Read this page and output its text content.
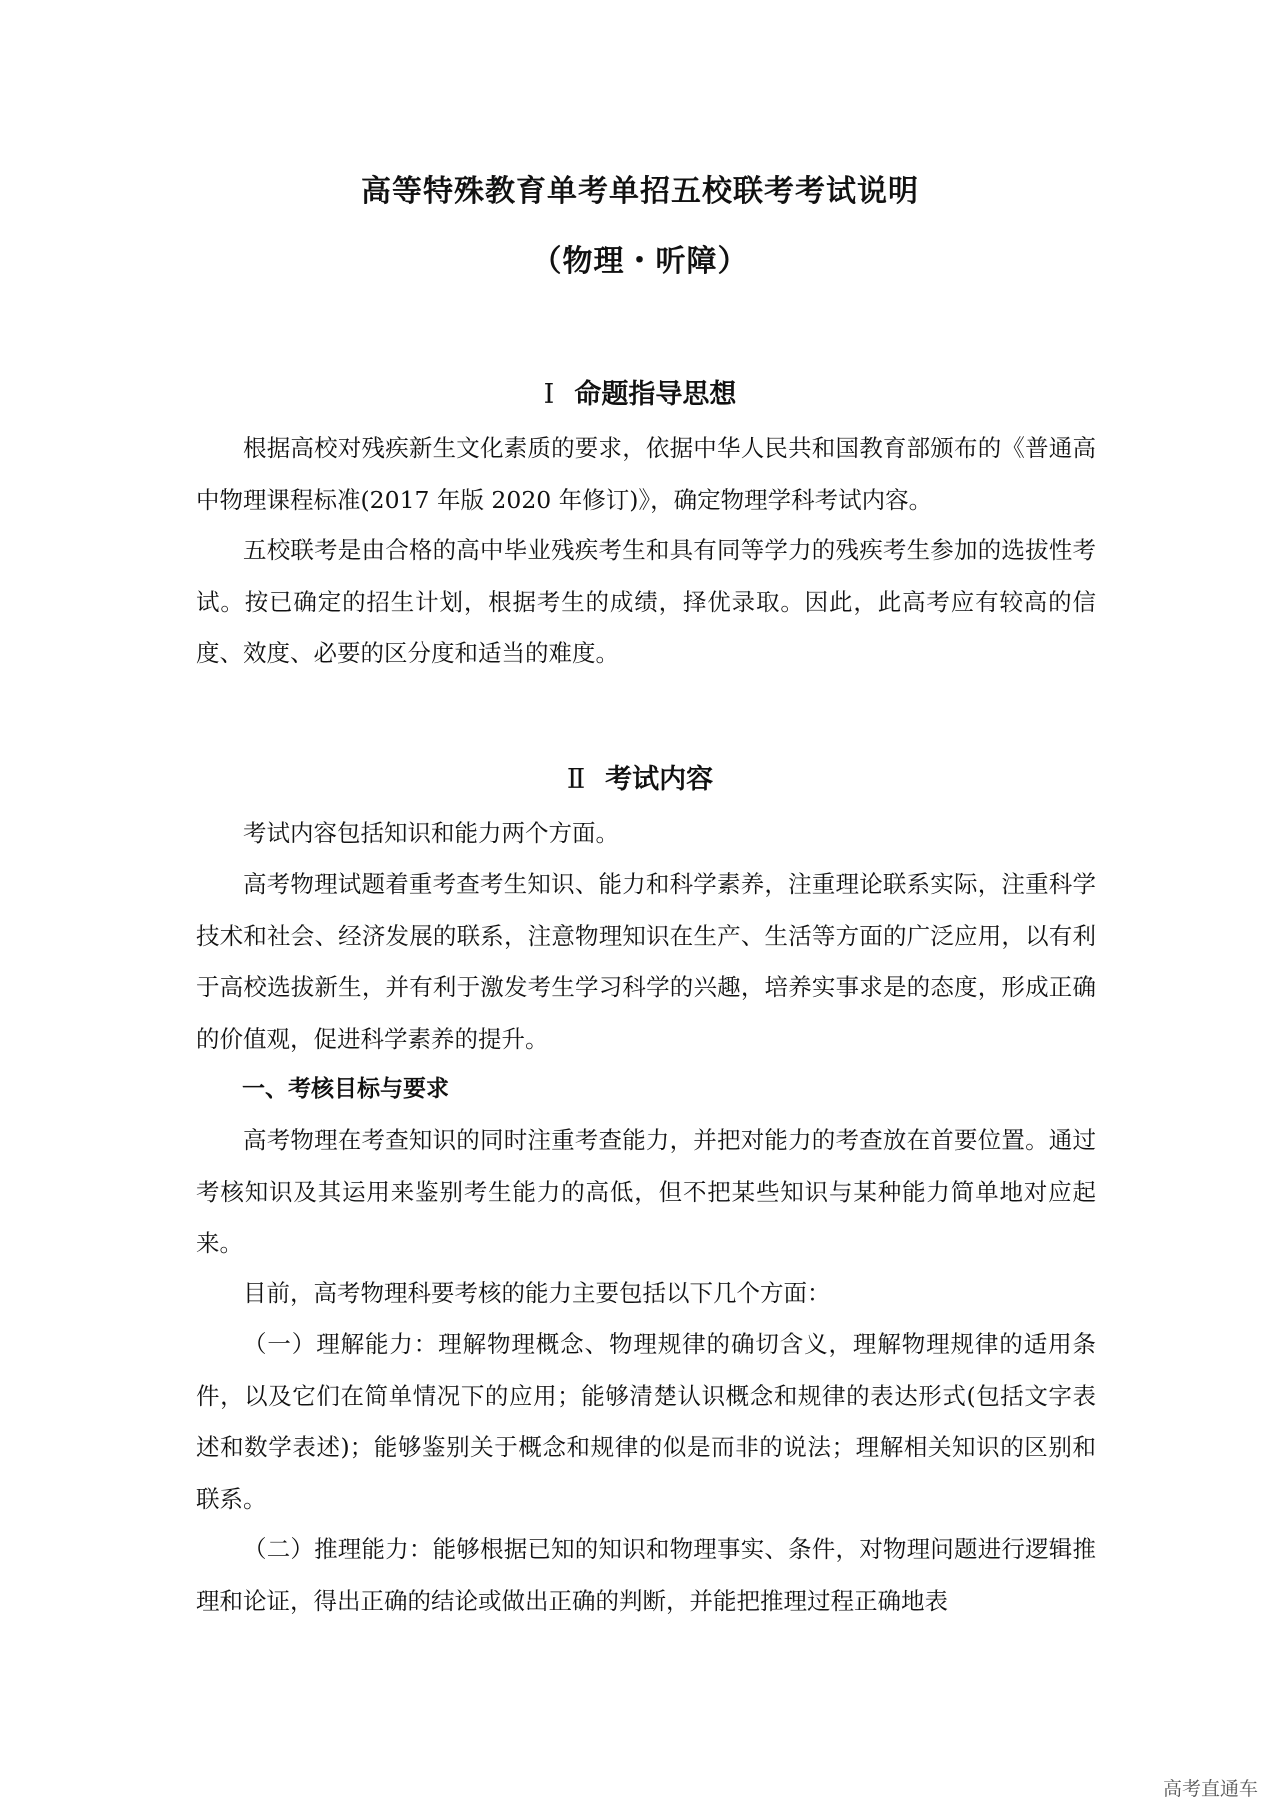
高等特殊教育单考单招五校联考考试说明
（物理・听障）
Ⅰ 命题指导思想

根据高校对残疾新生文化素质的要求，依据中华人民共和国教育部颁布的《普通高中物理课程标准(2017 年版 2020 年修订)》，确定物理学科考试内容。

五校联考是由合格的高中毕业残疾考生和具有同等学力的残疾考生参加的选拔性考试。按已确定的招生计划，根据考生的成绩，择优录取。因此，此高考应有较高的信度、效度、必要的区分度和适当的难度。

Ⅱ 考试内容

考试内容包括知识和能力两个方面。

高考物理试题着重考查考生知识、能力和科学素养，注重理论联系实际，注重科学技术和社会、经济发展的联系，注意物理知识在生产、生活等方面的广泛应用，以有利于高校选拔新生，并有利于激发考生学习科学的兴趣，培养实事求是的态度，形成正确的价值观，促进科学素养的提升。

一、考核目标与要求

高考物理在考查知识的同时注重考查能力，并把对能力的考查放在首要位置。通过考核知识及其运用来鉴别考生能力的高低，但不把某些知识与某种能力简单地对应起来。

目前，高考物理科要考核的能力主要包括以下几个方面：

（一）理解能力：理解物理概念、物理规律的确切含义，理解物理规律的适用条件，以及它们在简单情况下的应用；能够清楚认识概念和规律的表达形式(包括文字表述和数学表述)；能够鉴别关于概念和规律的似是而非的说法；理解相关知识的区别和联系。

（二）推理能力：能够根据已知的知识和物理事实、条件，对物理问题进行逻辑推理和论证，得出正确的结论或做出正确的判断，并能把推理过程正确地表

高考直通车
